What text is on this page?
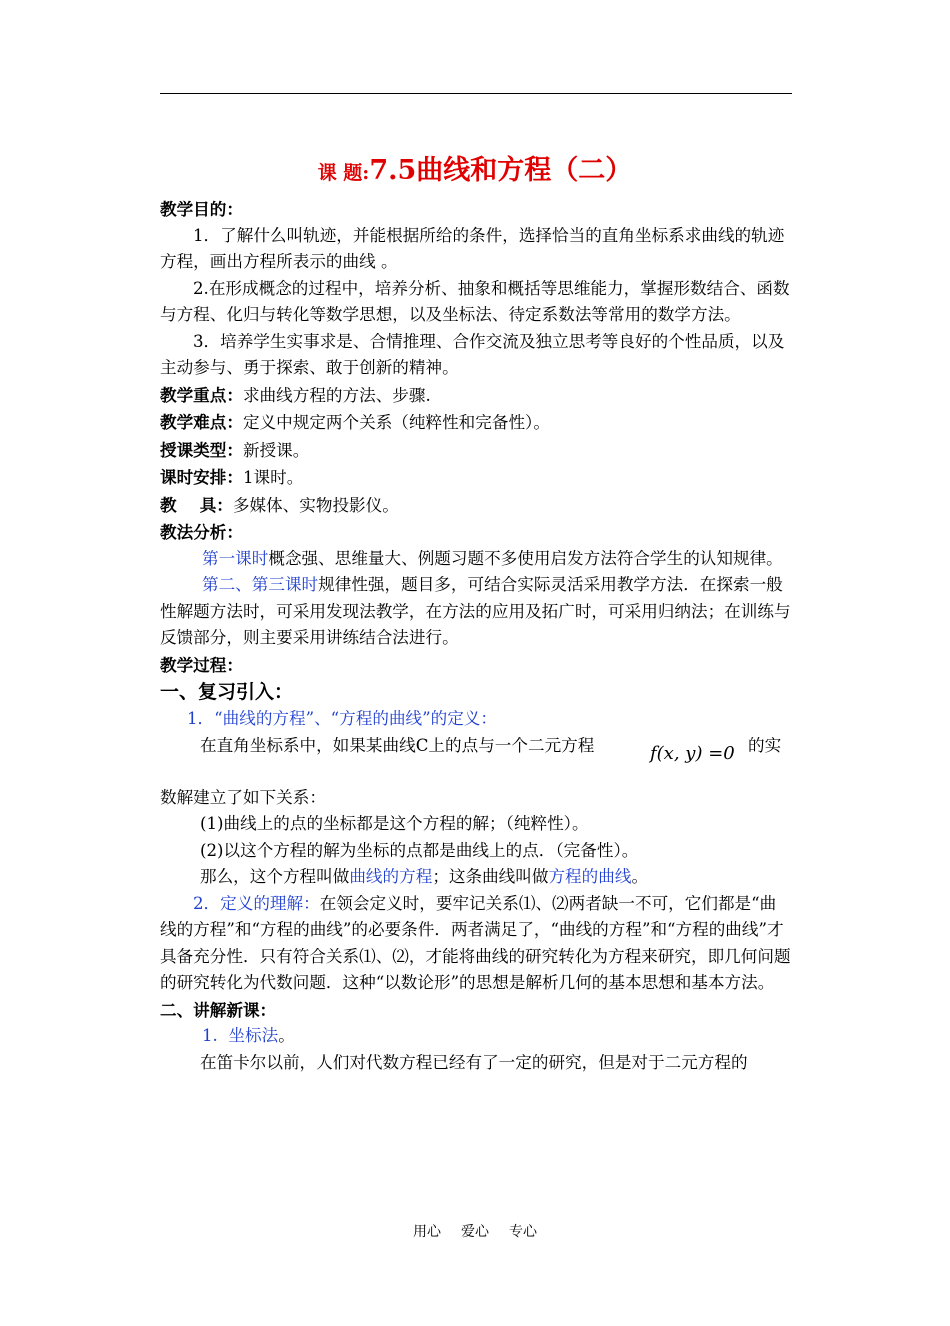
课 题:7.5曲线和方程（二）

教学目的：

1．了解什么叫轨迹，并能根据所给的条件，选择恰当的直角坐标系求曲线的轨迹方程，画出方程所表示的曲线 。

2.在形成概念的过程中，培养分析、抽象和概括等思维能力，掌握形数结合、函数与方程、化归与转化等数学思想，以及坐标法、待定系数法等常用的数学方法。

3．培养学生实事求是、合情推理、合作交流及独立思考等良好的个性品质，以及主动参与、勇于探索、敢于创新的精神。

教学重点：求曲线方程的方法、步骤.

教学难点：定义中规定两个关系（纯粹性和完备性）。

授课类型：新授课。

课时安排：1课时。

教    具：多媒体、实物投影仪。

教法分析：

第一课时概念强、思维量大、例题习题不多使用启发方法符合学生的认知规律。

第二、第三课时规律性强，题目多，可结合实际灵活采用教学方法．在探索一般性解题方法时，可采用发现法教学，在方法的应用及拓广时，可采用归纳法；在训练与反馈部分，则主要采用讲练结合法进行。

教学过程：

一、复习引入：

1．“曲线的方程”、“方程的曲线”的定义：

在直角坐标系中，如果某曲线C上的点与一个二元方程	f(x, y) =0 的实

数解建立了如下关系：

(1)曲线上的点的坐标都是这个方程的解；（纯粹性）。

(2)以这个方程的解为坐标的点都是曲线上的点．（完备性）。

那么，这个方程叫做曲线的方程；这条曲线叫做方程的曲线。

2．定义的理解：在领会定义时，要牢记关系⑴、⑵两者缺一不可，它们都是“曲线的方程”和“方程的曲线”的必要条件．两者满足了，“曲线的方程”和“方程的曲线”才具备充分性．只有符合关系⑴、⑵，才能将曲线的研究转化为方程来研究，即几何问题的研究转化为代数问题．这种“以数论形”的思想是解析几何的基本思想和基本方法。

二、讲解新课：

1. 坐标法。

在笛卡尔以前，人们对代数方程已经有了一定的研究，但是对于二元方程的

用心 爱心 专心
